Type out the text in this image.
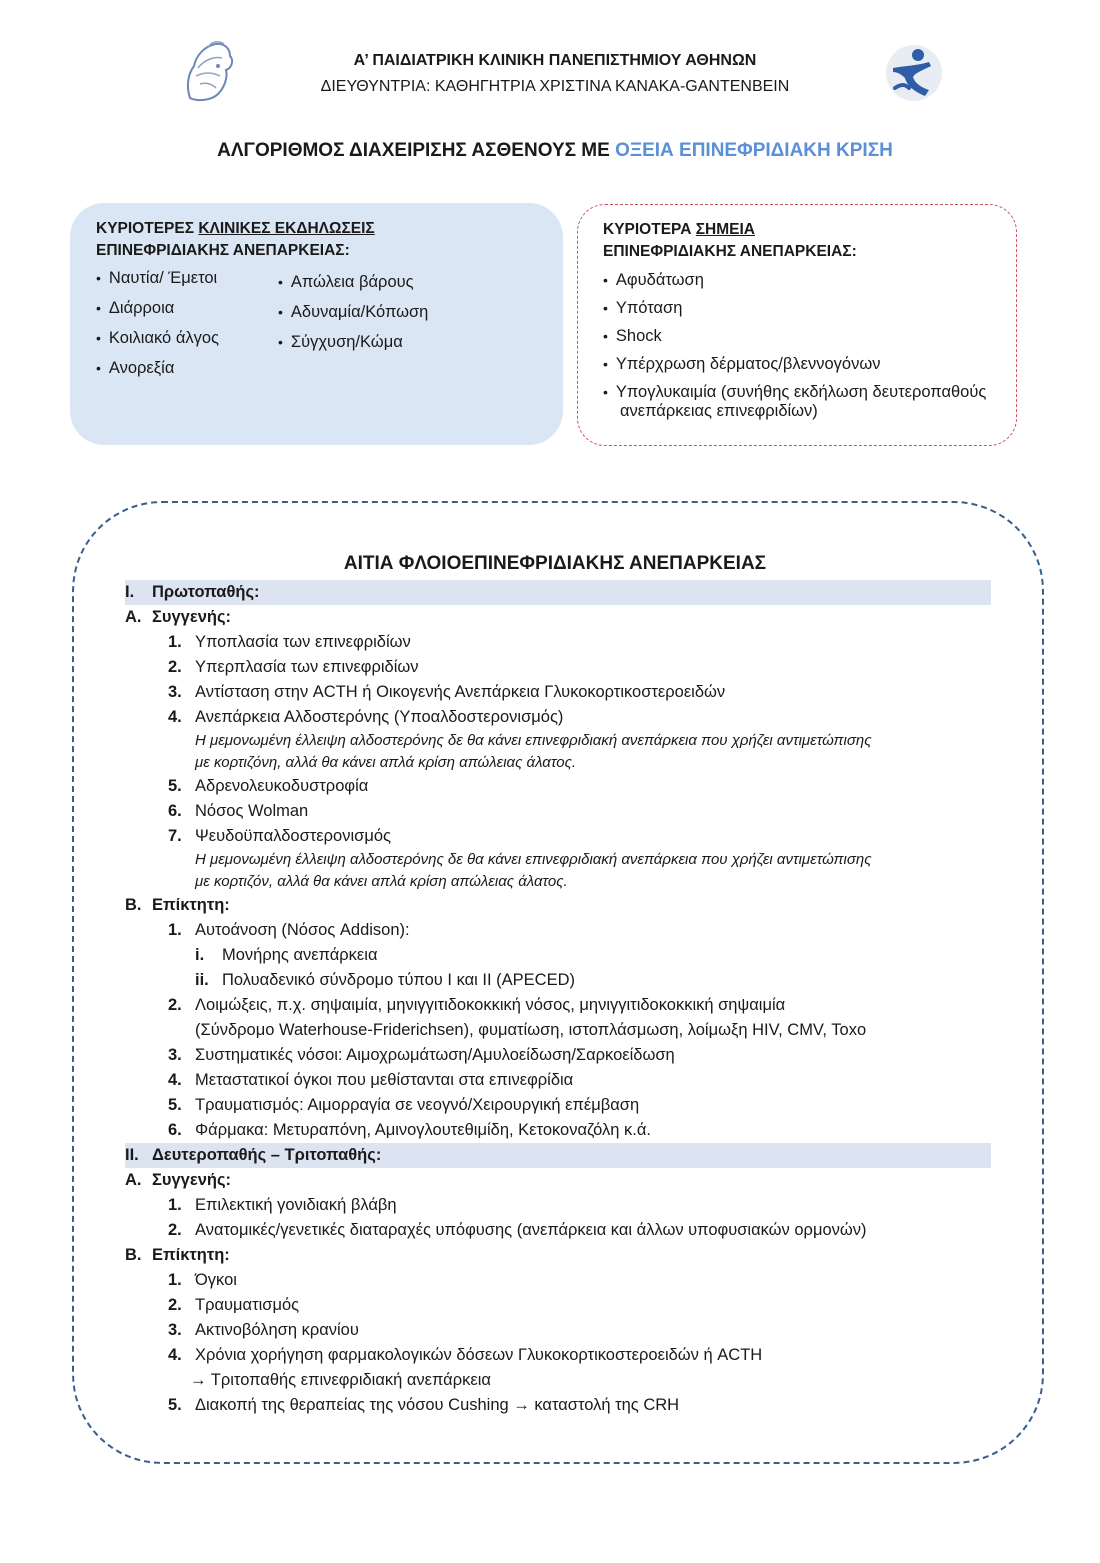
Α’ ΠΑΙΔΙΑΤΡΙΚΗ ΚΛΙΝΙΚΗ ΠΑΝΕΠΙΣΤΗΜΙΟΥ ΑΘΗΝΩΝ
ΔΙΕΥΘΥΝΤΡΙΑ: ΚΑΘΗΓΗΤΡΙΑ ΧΡΙΣΤΙΝΑ ΚΑΝΑΚΑ-GANTENBEIN
ΑΛΓΟΡΙΘΜΟΣ ΔΙΑΧΕΙΡΙΣΗΣ ΑΣΘΕΝΟΥΣ ΜΕ ΟΞΕΙΑ ΕΠΙΝΕΦΡΙΔΙΑΚΗ ΚΡΙΣΗ
ΚΥΡΙΟΤΕΡΕΣ ΚΛΙΝΙΚΕΣ ΕΚΔΗΛΩΣΕΙΣ
ΕΠΙΝΕΦΡΙΔΙΑΚΗΣ ΑΝΕΠΑΡΚΕΙΑΣ:
• Ναυτία/ Έμετοι
• Διάρροια
• Κοιλιακό άλγος
• Ανορεξία
• Απώλεια βάρους
• Αδυναμία/Κόπωση
• Σύγχυση/Κώμα
ΚΥΡΙΟΤΕΡΑ ΣΗΜΕΙΑ
ΕΠΙΝΕΦΡΙΔΙΑΚΗΣ ΑΝΕΠΑΡΚΕΙΑΣ:
• Αφυδάτωση
• Υπόταση
• Shock
• Υπέρχρωση δέρματος/βλεννογόνων
• Υπογλυκαιμία (συνήθης εκδήλωση δευτεροπαθούς ανεπάρκειας επινεφριδίων)
ΑΙΤΙΑ ΦΛΟΙΟΕΠΙΝΕΦΡΙΔΙΑΚΗΣ ΑΝΕΠΑΡΚΕΙΑΣ
I. Πρωτοπαθής:
A. Συγγενής:
1. Υποπλασία των επινεφριδίων
2. Υπερπλασία των επινεφριδίων
3. Αντίσταση στην ACTH ή Οικογενής Ανεπάρκεια Γλυκοκορτικοστεροειδών
4. Ανεπάρκεια Αλδοστερόνης (Υποαλδοστερονισμός)
Η μεμονωμένη έλλειψη αλδοστερόνης δε θα κάνει επινεφριδιακή ανεπάρκεια που χρήζει αντιμετώπισης
με κορτιζόνη, αλλά θα κάνει απλά κρίση απώλειας άλατος.
5. Αδρενολευκοδυστροφία
6. Νόσος Wolman
7. Ψευδοϋπαλδοστερονισμός
Η μεμονωμένη έλλειψη αλδοστερόνης δε θα κάνει επινεφριδιακή ανεπάρκεια που χρήζει αντιμετώπισης
με κορτιζόν, αλλά θα κάνει απλά κρίση απώλειας άλατος.
B. Επίκτητη:
1. Αυτοάνοση (Νόσος Addison):
i. Μονήρης ανεπάρκεια
ii. Πολυαδενικό σύνδρομο τύπου I και II (APECED)
2. Λοιμώξεις, π.χ. σηψαιμία, μηνιγγιτιδοκοκκική νόσος, μηνιγγιτιδοκοκκική σηψαιμία
(Σύνδρομο Waterhouse-Friderichsen), φυματίωση, ιστοπλάσμωση, λοίμωξη HIV, CMV, Toxo
3. Συστηματικές νόσοι: Αιμοχρωμάτωση/Αμυλοείδωση/Σαρκοείδωση
4. Μεταστατικοί όγκοι που μεθίστανται στα επινεφρίδια
5. Τραυματισμός: Αιμορραγία σε νεογνό/Χειρουργική επέμβαση
6. Φάρμακα: Μετυραπόνη, Αμινογλουτεθιμίδη, Κετοκοναζόλη κ.ά.
II. Δευτεροπαθής – Τριτοπαθής:
A. Συγγενής:
1. Επιλεκτική γονιδιακή βλάβη
2. Ανατομικές/γενετικές διαταραχές υπόφυσης (ανεπάρκεια και άλλων υποφυσιακών ορμονών)
B. Επίκτητη:
1. Όγκοι
2. Τραυματισμός
3. Ακτινοβόληση κρανίου
4. Χρόνια χορήγηση φαρμακολογικών δόσεων Γλυκοκορτικοστεροειδών ή ACTH
→ Τριτοπαθής επινεφριδιακή ανεπάρκεια
5. Διακοπή της θεραπείας της νόσου Cushing → καταστολή της CRH
